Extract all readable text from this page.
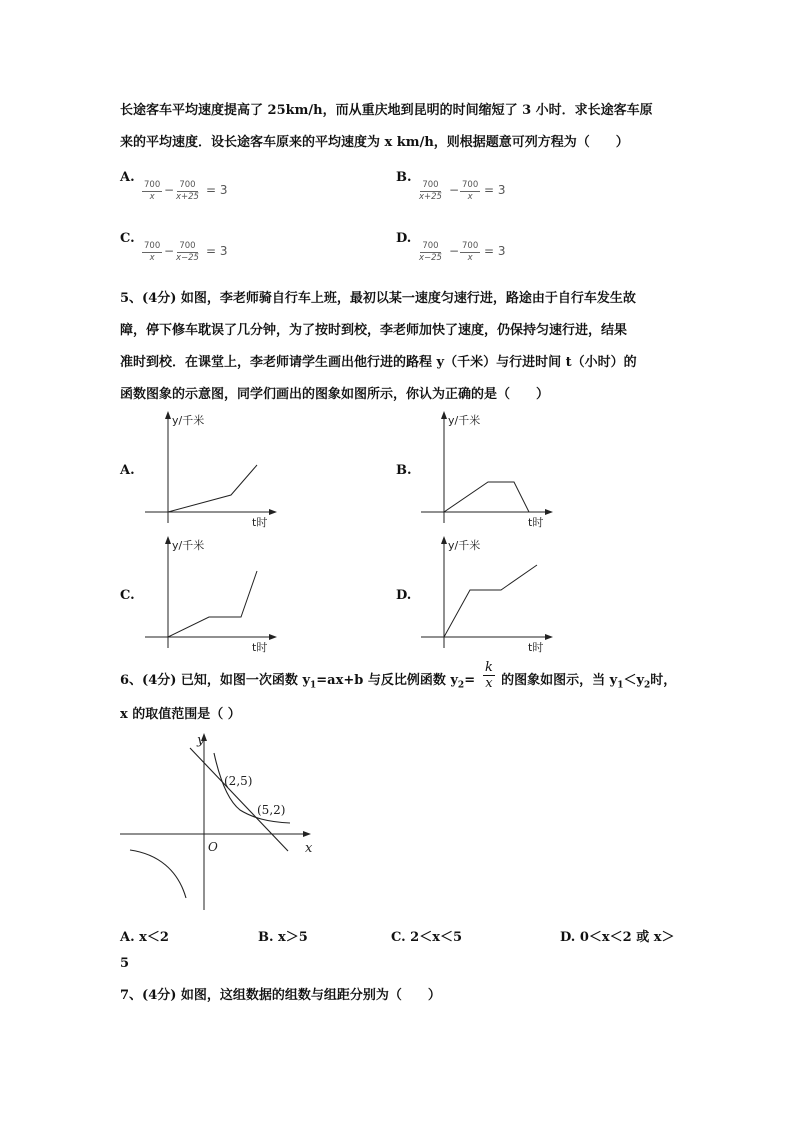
长途客车平均速度提高了 25km/h，而从重庆地到昆明的时间缩短了 3 小时．求长途客车原
来的平均速度．设长途客车原来的平均速度为 x km/h，则根据题意可列方程为（　　）
A.
$\frac{700}{x} - \frac{700}{x+25} = 3$
B.
$\frac{700}{x+25} - \frac{700}{x} = 3$
C.
$\frac{700}{x} - \frac{700}{x-25} = 3$
D.
$\frac{700}{x-25} - \frac{700}{x} = 3$
5、(4分) 如图，李老师骑自行车上班，最初以某一速度匀速行进，路途由于自行车发生故
障，停下修车耽误了几分钟，为了按时到校，李老师加快了速度，仍保持匀速行进，结果
准时到校．在课堂上，李老师请学生画出他行进的路程 y（千米）与行进时间 t（小时）的
函数图象的示意图，同学们画出的图象如图所示，你认为正确的是（　　）
A.
y/千米
t时
B.
y/千米
t时
C.
y/千米
t时
D.
y/千米
t时
6、(4分) 已知，如图一次函数 $y_1=ax+b$ 与反比例函数 $y_2=$ 的图象如图示，当 $y_1<y_2$时，
$\frac{k}{x}$
x 的取值范围是（ ）
y
x
O
(2,5)
(5,2)
A. x＜2	B. x＞5	C. 2＜x＜5	D. 0＜x＜2 或 x＞
5
7、(4分) 如图，这组数据的组数与组距分别为（　　）
